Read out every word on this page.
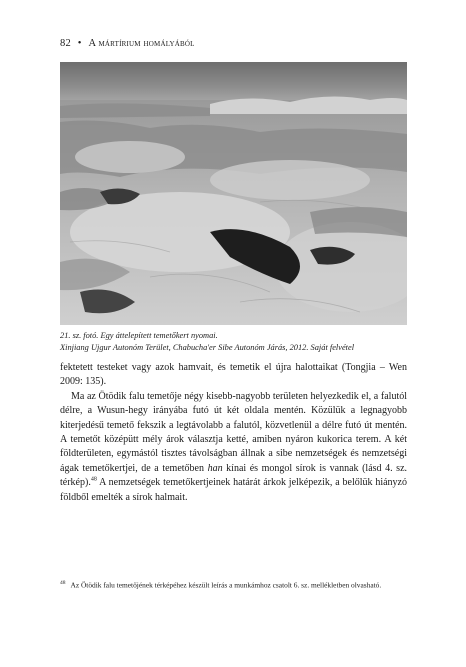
82 • A mártírium homályából
21. sz. fotó. Egy áttelepített temetőkert nyomai.
Xinjiang Ujgur Autonóm Terület, Chabucha'er Sibe Autonóm Járás, 2012. Saját felvétel

fektetett testeket vagy azok hamvait, és temetik el újra halottaikat (Tongjia – Wen 2009: 135).

Ma az Ötödik falu temetője négy kisebb-nagyobb területen helyezkedik el, a falutól délre, a Wusun-hegy irányába futó út két oldala mentén. Közülük a legnagyobb kiterjedésű temető fekszik a legtávolabb a falutól, közvetlenül a délre futó út mentén. A temetőt középütt mély árok választja ketté, amiben nyáron kukorica terem. A két földterületen, egymástól tisztes távolságban állnak a sibe nemzetségek és nemzetségi ágak temetőkertjei, de a temetőben han kínai és mongol sírok is vannak (lásd 4. sz. térkép).$^{48}$ A nemzetségek temetőkertjeinek határát árkok jelképezik, a belőlük hiányzó földből emelték a sírok halmait.

$^{48}$ Az Ötödik falu temetőjének térképéhez készült leírás a munkámhoz csatolt 6. sz. mellékletben olvasható.
